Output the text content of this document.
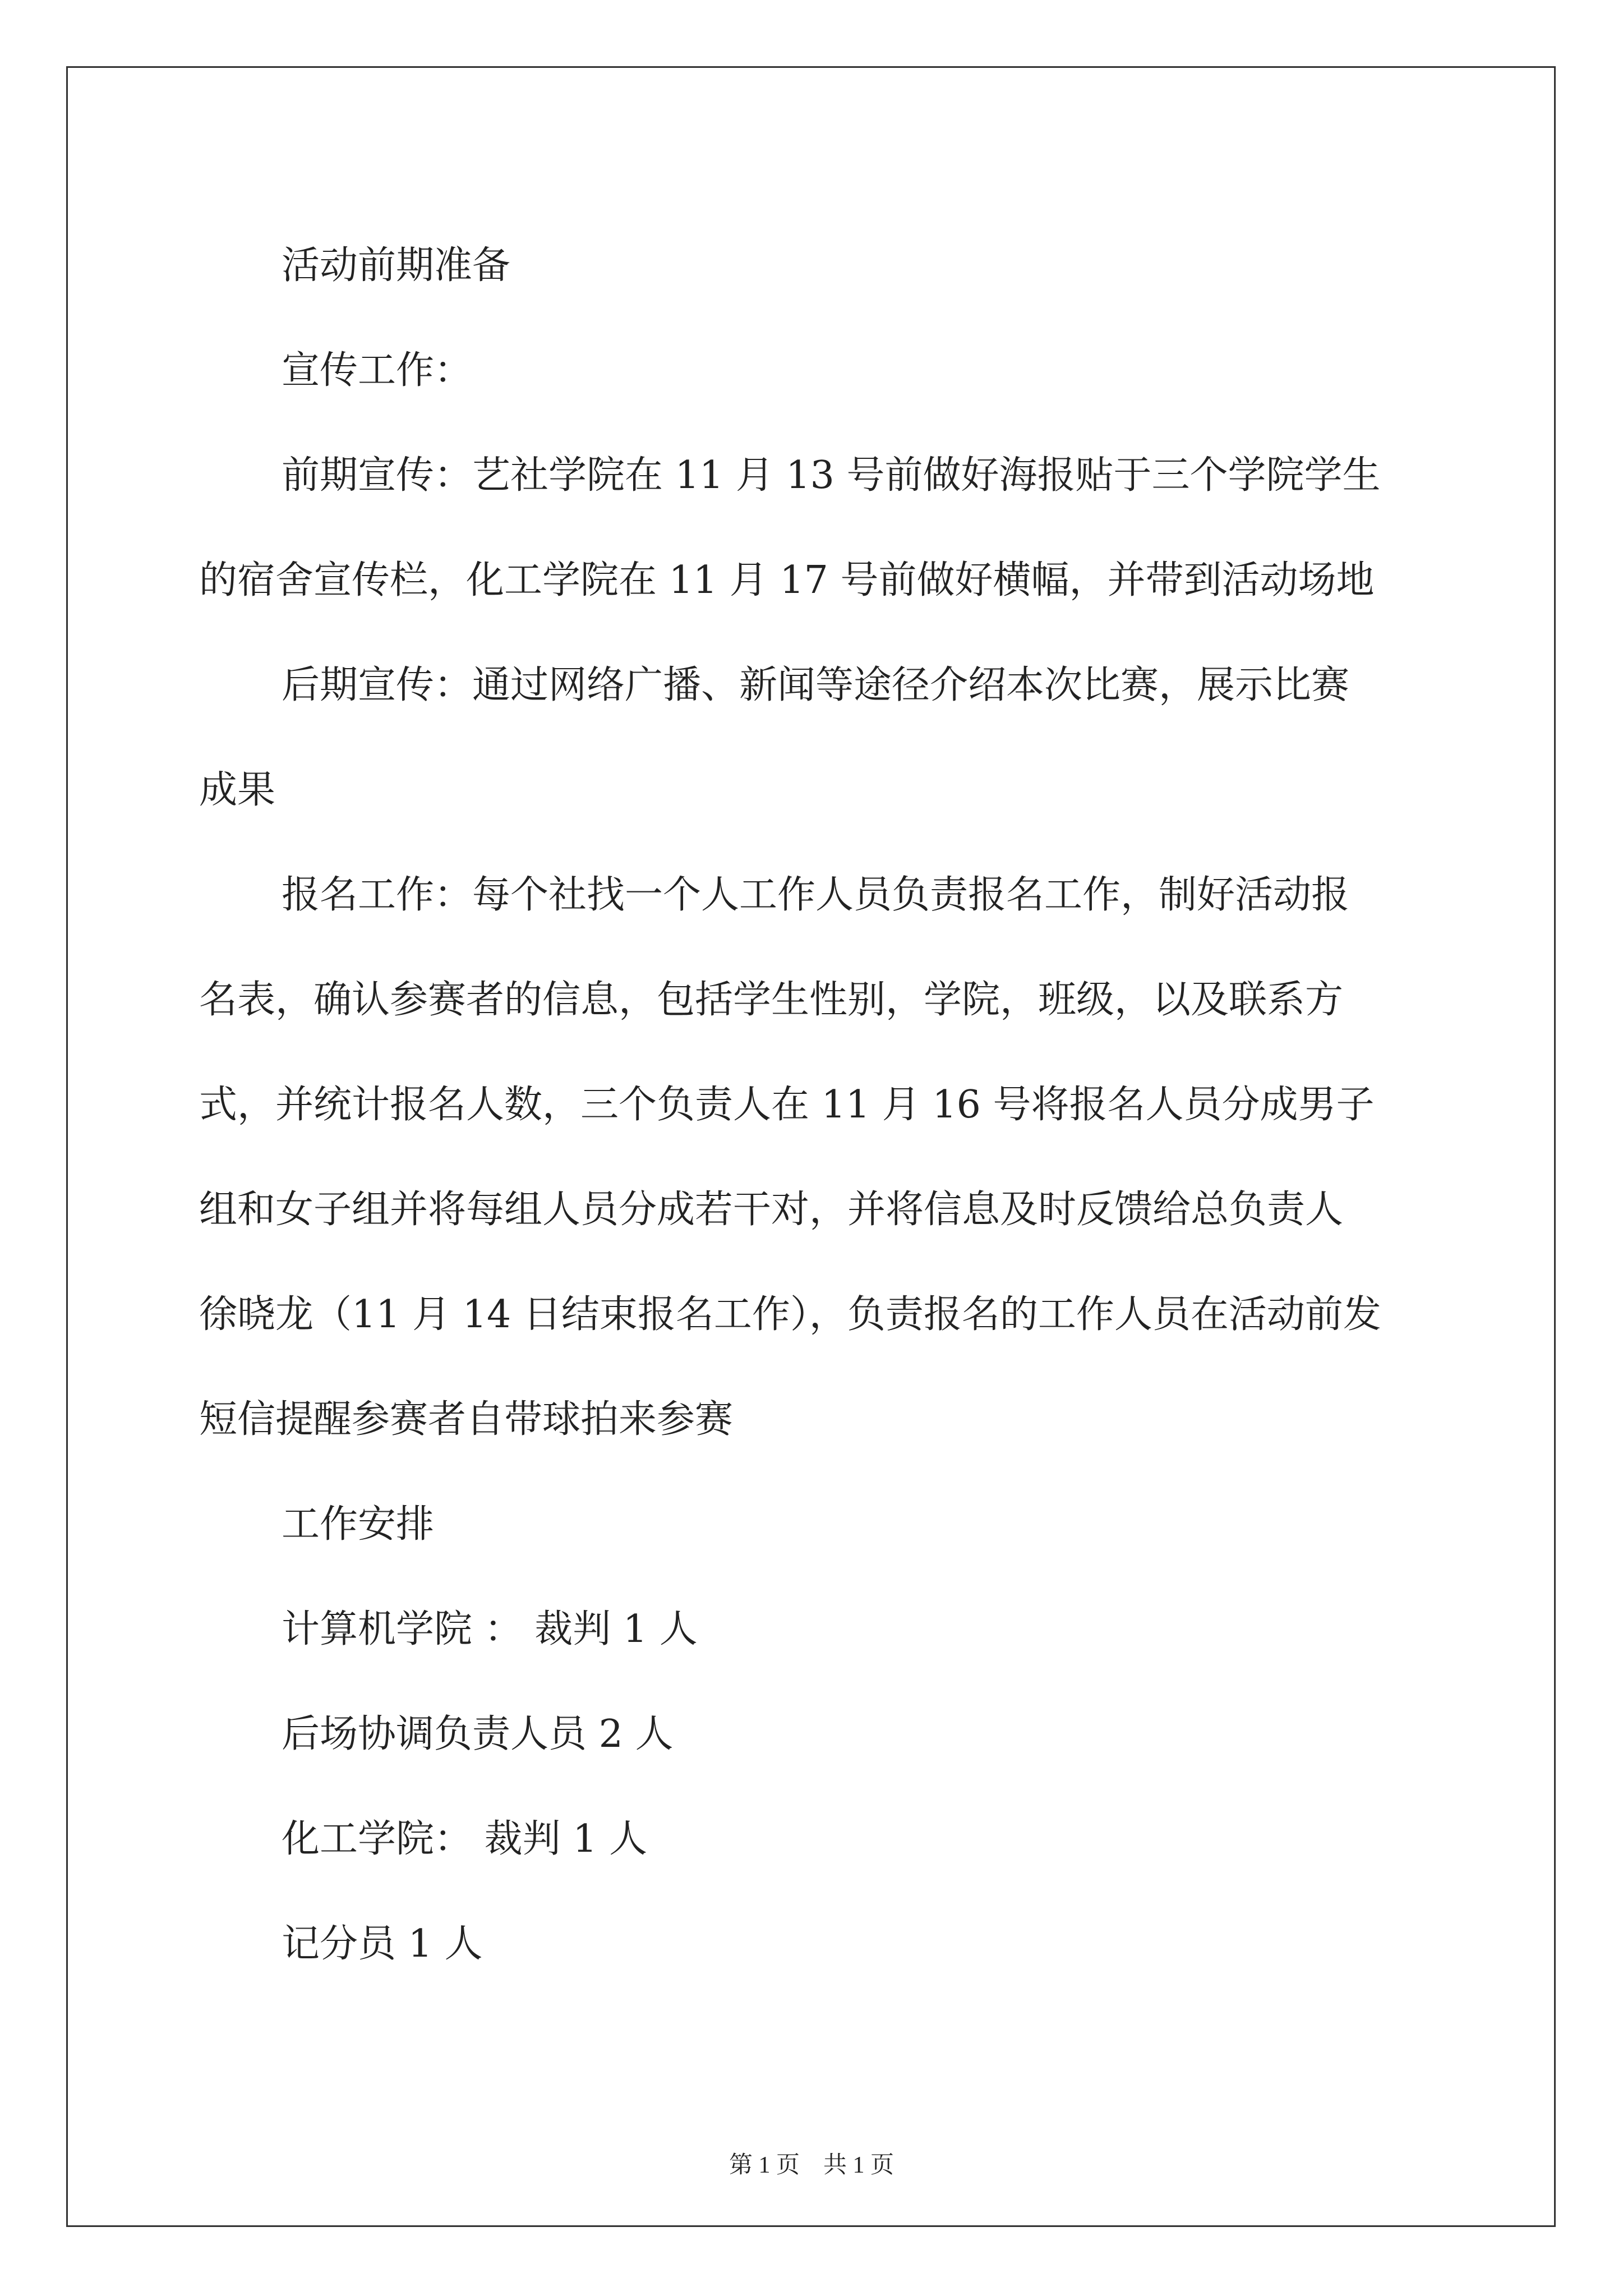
活动前期准备

宣传工作：

前期宣传：艺社学院在 11 月 13 号前做好海报贴于三个学院学生

的宿舍宣传栏，化工学院在 11 月 17 号前做好横幅，并带到活动场地

后期宣传：通过网络广播、新闻等途径介绍本次比赛，展示比赛

成果

报名工作：每个社找一个人工作人员负责报名工作，制好活动报

名表，确认参赛者的信息，包括学生性别，学院，班级，以及联系方

式，并统计报名人数，三个负责人在 11 月 16 号将报名人员分成男子

组和女子组并将每组人员分成若干对，并将信息及时反馈给总负责人

徐晓龙（11 月 14 日结束报名工作），负责报名的工作人员在活动前发

短信提醒参赛者自带球拍来参赛

工作安排

计算机学院 ： 裁判 1 人

后场协调负责人员 2 人

化工学院： 裁判 1 人

记分员 1 人

第 1 页　共 1 页
